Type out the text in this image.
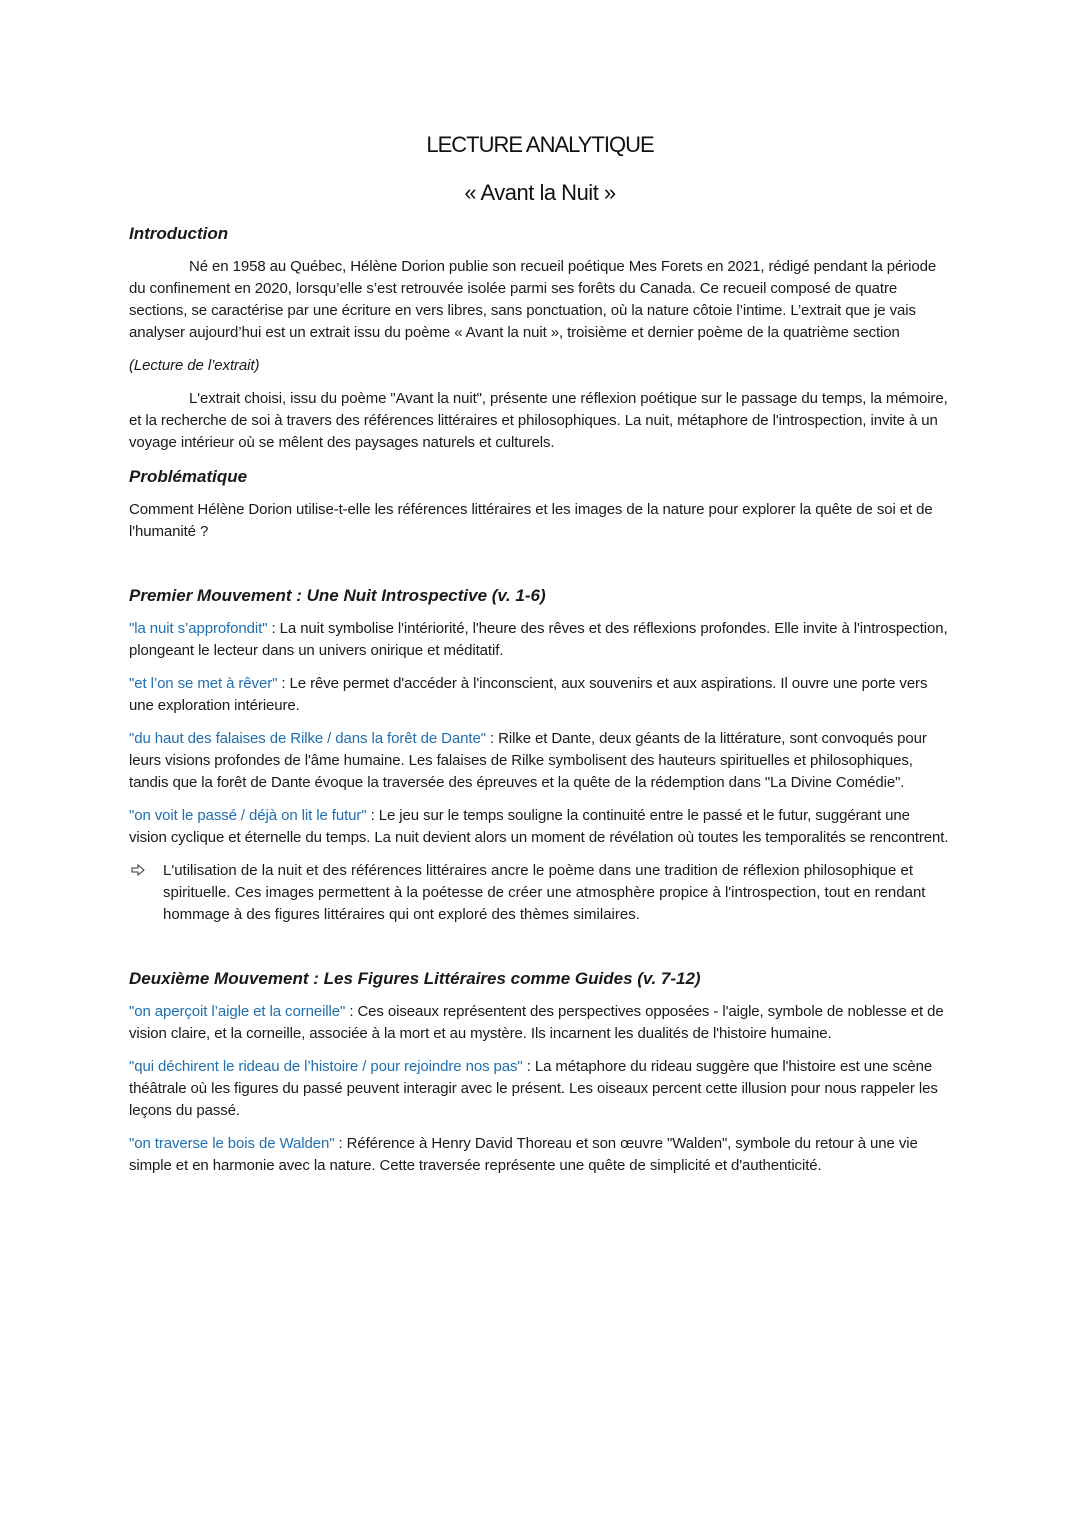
LECTURE ANALYTIQUE
« Avant la Nuit »
Introduction

Né en 1958 au Québec, Hélène Dorion publie son recueil poétique Mes Forets en 2021, rédigé pendant la période du confinement en 2020, lorsqu’elle s’est retrouvée isolée parmi ses forêts du Canada. Ce recueil composé de quatre sections, se caractérise par une écriture en vers libres, sans ponctuation, où la nature côtoie l’intime. L’extrait que je vais analyser aujourd’hui est un extrait issu du poème « Avant la nuit », troisième et dernier poème de la quatrième section

(Lecture de l’extrait)

L'extrait choisi, issu du poème "Avant la nuit", présente une réflexion poétique sur le passage du temps, la mémoire, et la recherche de soi à travers des références littéraires et philosophiques. La nuit, métaphore de l'introspection, invite à un voyage intérieur où se mêlent des paysages naturels et culturels.

Problématique

Comment Hélène Dorion utilise-t-elle les références littéraires et les images de la nature pour explorer la quête de soi et de l'humanité ?

Premier Mouvement : Une Nuit Introspective (v. 1-6)

"la nuit s’approfondit" : La nuit symbolise l'intériorité, l'heure des rêves et des réflexions profondes. Elle invite à l'introspection, plongeant le lecteur dans un univers onirique et méditatif.

"et l’on se met à rêver" : Le rêve permet d'accéder à l'inconscient, aux souvenirs et aux aspirations. Il ouvre une porte vers une exploration intérieure.

"du haut des falaises de Rilke / dans la forêt de Dante" : Rilke et Dante, deux géants de la littérature, sont convoqués pour leurs visions profondes de l'âme humaine. Les falaises de Rilke symbolisent des hauteurs spirituelles et philosophiques, tandis que la forêt de Dante évoque la traversée des épreuves et la quête de la rédemption dans "La Divine Comédie".

"on voit le passé / déjà on lit le futur" : Le jeu sur le temps souligne la continuité entre le passé et le futur, suggérant une vision cyclique et éternelle du temps. La nuit devient alors un moment de révélation où toutes les temporalités se rencontrent.

L'utilisation de la nuit et des références littéraires ancre le poème dans une tradition de réflexion philosophique et spirituelle. Ces images permettent à la poétesse de créer une atmosphère propice à l'introspection, tout en rendant hommage à des figures littéraires qui ont exploré des thèmes similaires.
Deuxième Mouvement : Les Figures Littéraires comme Guides (v. 7-12)

"on aperçoit l’aigle et la corneille" : Ces oiseaux représentent des perspectives opposées - l'aigle, symbole de noblesse et de vision claire, et la corneille, associée à la mort et au mystère. Ils incarnent les dualités de l'histoire humaine.

"qui déchirent le rideau de l’histoire / pour rejoindre nos pas" : La métaphore du rideau suggère que l'histoire est une scène théâtrale où les figures du passé peuvent interagir avec le présent. Les oiseaux percent cette illusion pour nous rappeler les leçons du passé.

"on traverse le bois de Walden" : Référence à Henry David Thoreau et son œuvre "Walden", symbole du retour à une vie simple et en harmonie avec la nature. Cette traversée représente une quête de simplicité et d'authenticité.
